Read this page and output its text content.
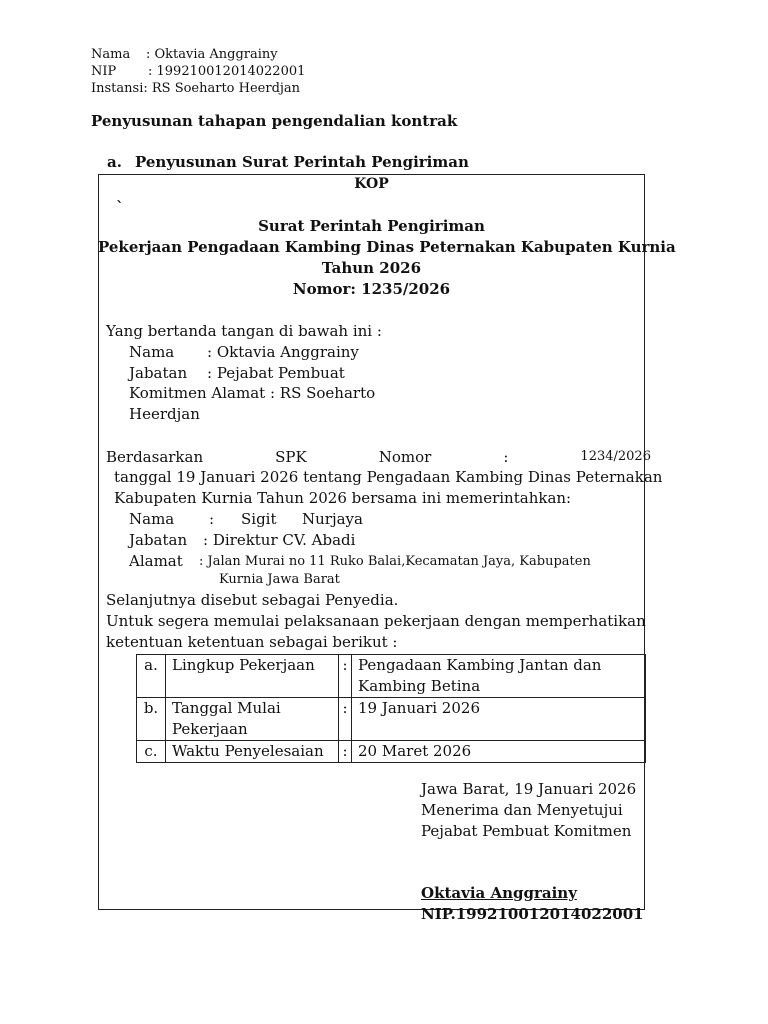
Nama : Oktavia Anggrainy
NIP : 199210012014022001
Instansi: RS Soeharto Heerdjan
Penyusunan tahapan pengendalian kontrak
a. Penyusunan Surat Perintah Pengiriman
KOP
`
Surat Perintah Pengiriman
Pekerjaan Pengadaan Kambing Dinas Peternakan Kabupaten Kurnia
Tahun 2026
Nomor: 1235/2026
Yang bertanda tangan di bawah ini :
Nama : Oktavia Anggrainy
Jabatan : Pejabat Pembuat
Komitmen Alamat : RS Soeharto
Heerdjan
Berdasarkan	SPK	Nomor	:	1234/2026
tanggal 19 Januari 2026 tentang Pengadaan Kambing Dinas Peternakan
Kabupaten Kurnia Tahun 2026 bersama ini memerintahkan:
Nama : Sigit Nurjaya
Jabatan : Direktur CV. Abadi
Alamat : Jalan Murai no 11 Ruko Balai,Kecamatan Jaya, Kabupaten
Kurnia Jawa Barat
Selanjutnya disebut sebagai Penyedia.
Untuk segera memulai pelaksanaan pekerjaan dengan memperhatikan
ketentuan ketentuan sebagai berikut :
a.	Lingkup Pekerjaan	:	Pengadaan Kambing Jantan dan Kambing Betina
b.	Tanggal Mulai Pekerjaan	:	19 Januari 2026
c.	Waktu Penyelesaian	:	20 Maret 2026
Jawa Barat, 19 Januari 2026
Menerima dan Menyetujui
Pejabat Pembuat Komitmen
Oktavia Anggrainy
NIP.199210012014022001
